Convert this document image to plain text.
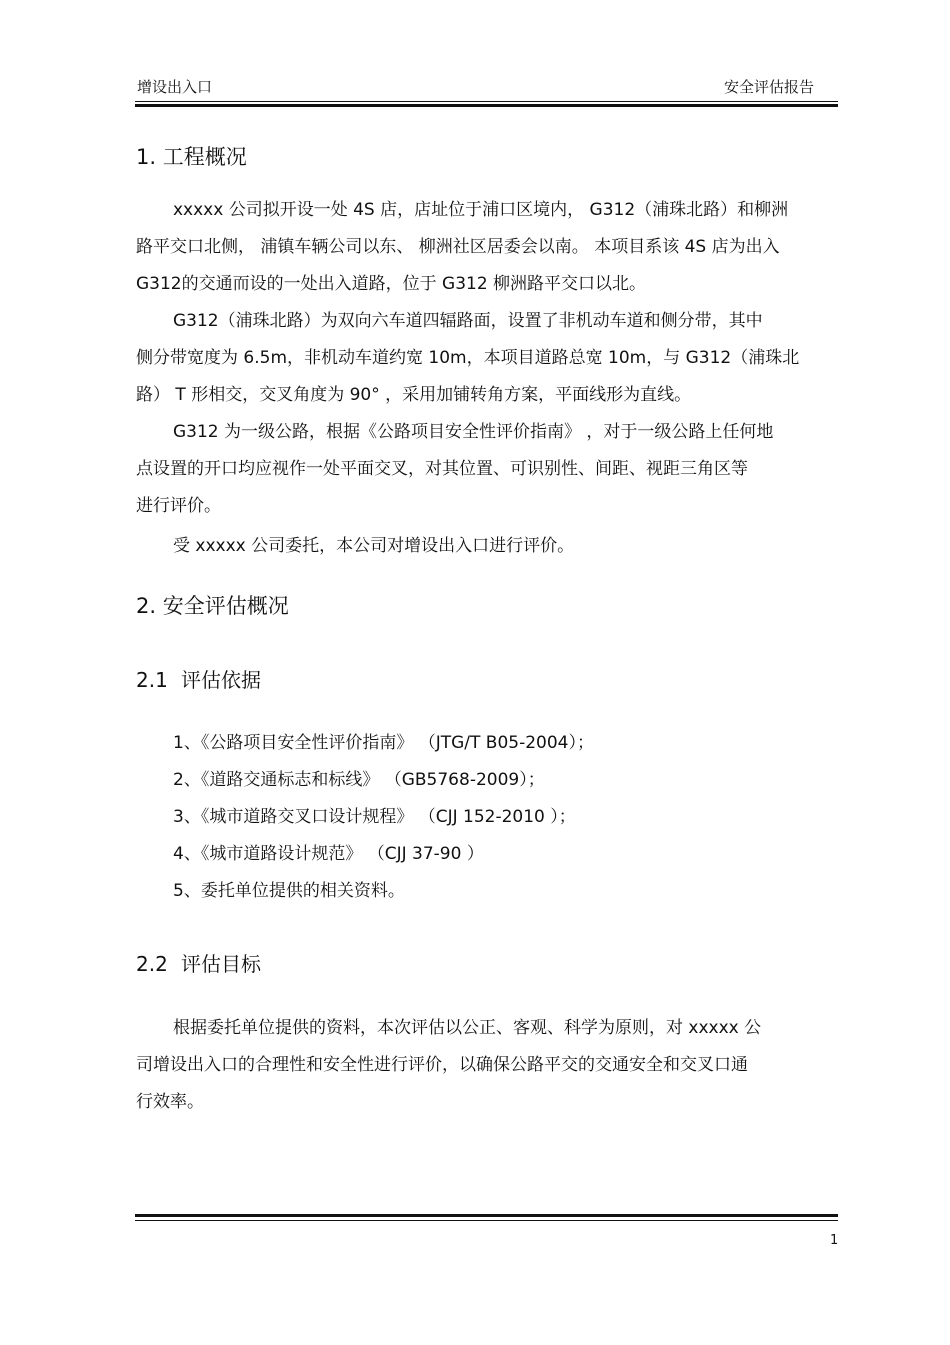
增设出入口	安全评估报告
1. 工程概况
xxxxx 公司拟开设一处 4S 店，店址位于浦口区境内， G312（浦珠北路）和柳洲
路平交口北侧， 浦镇车辆公司以东、 柳洲社区居委会以南。 本项目系该 4S 店为出入
G312的交通而设的一处出入道路，位于 G312 柳洲路平交口以北。
G312（浦珠北路）为双向六车道四辐路面，设置了非机动车道和侧分带，其中
侧分带宽度为 6.5m，非机动车道约宽 10m，本项目道路总宽 10m，与 G312（浦珠北
路） T 形相交，交叉角度为 90° ，采用加铺转角方案，平面线形为直线。
G312 为一级公路，根据《公路项目安全性评价指南》 ，对于一级公路上任何地
点设置的开口均应视作一处平面交叉，对其位置、可识别性、间距、视距三角区等
进行评价。
受 xxxxx 公司委托，本公司对增设出入口进行评价。
2. 安全评估概况
2.1 评估依据
1、《公路项目安全性评价指南》 （JTG/T B05-2004）；
2、《道路交通标志和标线》 （GB5768-2009）；
3、《城市道路交叉口设计规程》 （CJJ 152-2010 ）；
4、《城市道路设计规范》 （CJJ 37-90 ）
5、委托单位提供的相关资料。
2.2 评估目标
根据委托单位提供的资料，本次评估以公正、客观、科学为原则，对 xxxxx 公
司增设出入口的合理性和安全性进行评价，以确保公路平交的交通安全和交叉口通
行效率。
1
